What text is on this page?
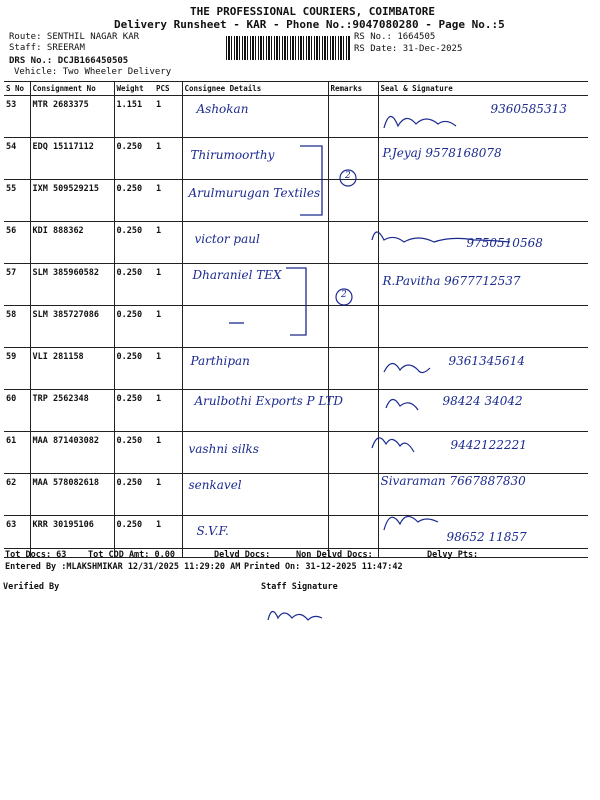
THE PROFESSIONAL COURIERS, COIMBATORE
Delivery Runsheet - KAR - Phone No.:9047080280 - Page No.:5
Route: SENTHIL NAGAR KAR
Staff: SREERAM
DRS No.: DCJB166450505
Vehicle: Two Wheeler Delivery
RS No.: 1664505
RS Date: 31-Dec-2025
S No	Consignment No	Weight	PCS	Consignee Details	Remarks	Seal & Signature
53	MTR 2683375	1.151	1	Ashokan		9360585313

54	EDQ 15117112	0.250	1	Thirumoorthy		P.Jeyaj 9578168078

55	IXM 509529215	0.250	1	Arulmurugan Textiles		

56	KDI 888362	0.250	1	victor paul		9750510568

57	SLM 385960582	0.250	1	Dharaniel TEX		R.Pavitha 9677712537

58	SLM 385727086	0.250	1	

59	VLI 281158	0.250	1	Parthipan		9361345614

60	TRP 2562348	0.250	1	Arulbothi Exports P LTD		98424 34042

61	MAA 871403082	0.250	1	vashni silks		9442122221

62	MAA 578082618	0.250	1	senkavel		Sivaraman 7667887830

63	KRR 30195106	0.250	1	S.V.F.		98652 11857
2
2
Tot Docs: 63	Tot COD Amt: 0.00	Delvd Docs:	Non Delvd Docs:	Delvy Pts:
Entered By :MLAKSHMIKAR 12/31/2025 11:29:20 AM Printed On: 31-12-2025 11:47:42
Verified By	Staff Signature
